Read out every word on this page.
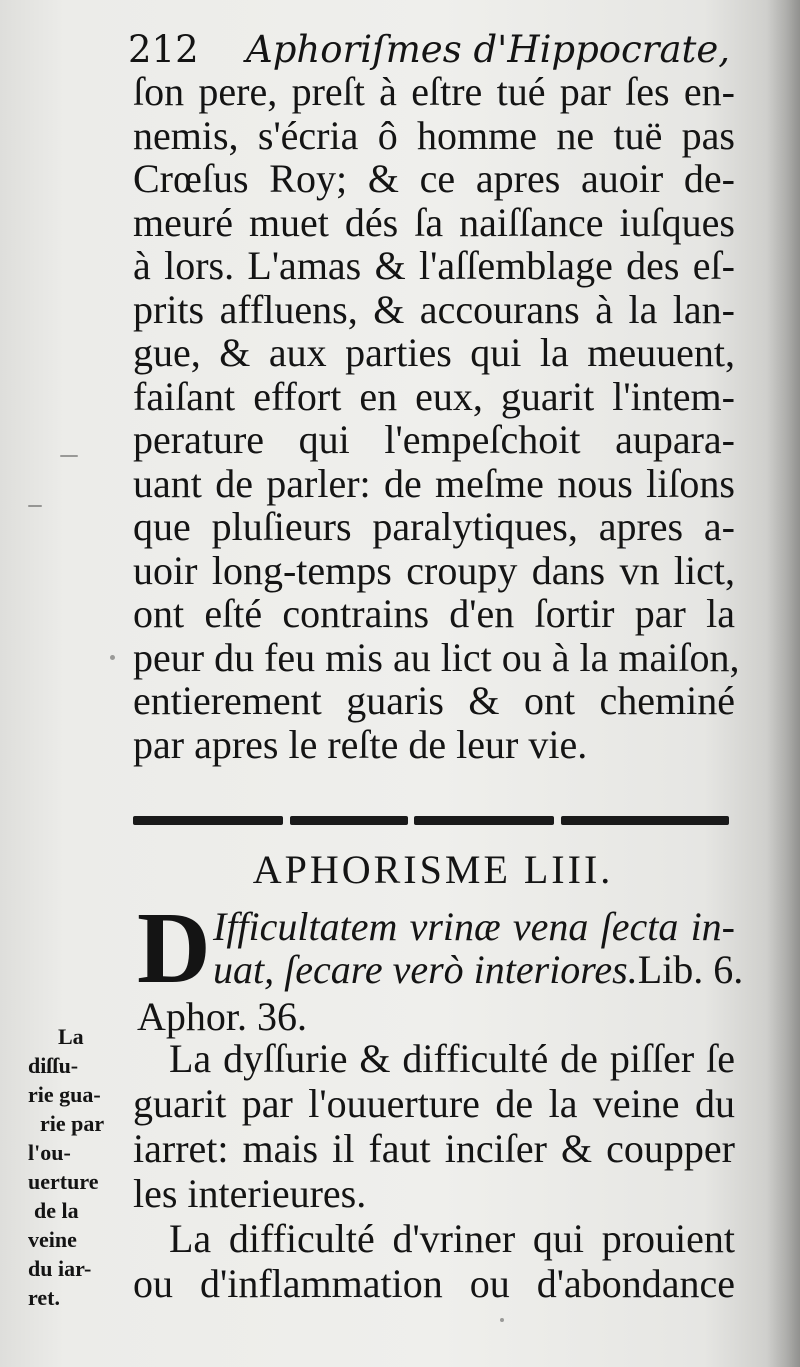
212 Aphoriſmes d'Hippocrate,
ſon pere, preſt à eſtre tué par ſes en-
nemis, s'écria ô homme ne tuë pas
Crœſus Roy; & ce apres auoir de-
meuré muet dés ſa naiſſance iuſques
à lors. L'amas & l'aſſemblage des eſ-
prits affluens, & accourans à la lan-
gue, & aux parties qui la meuuent,
faiſant effort en eux, guarit l'intem-
perature qui l'empeſchoit aupara-
uant de parler: de meſme nous liſons
que pluſieurs paralytiques, apres a-
uoir long-temps croupy dans vn lict,
ont eſté contrains d'en ſortir par la
peur du feu mis au lict ou à la maiſon,
entierement guaris & ont cheminé
par apres le reſte de leur vie.
APHORISME LIII.
D Ifficultatem vrinæ vena ſecta in-
uat, ſecare verò interiores.Lib. 6.
Aphor. 36.
La dyſſurie & difficulté de piſſer ſe
guarit par l'ouuerture de la veine du
iarret: mais il faut inciſer & coupper
les interieures.
La difficulté d'vriner qui prouient
ou d'inflammation ou d'abondance
La
diſſu-
rie gua-
rie par
l'ou-
uerture
de la
veine
du iar-
ret.
